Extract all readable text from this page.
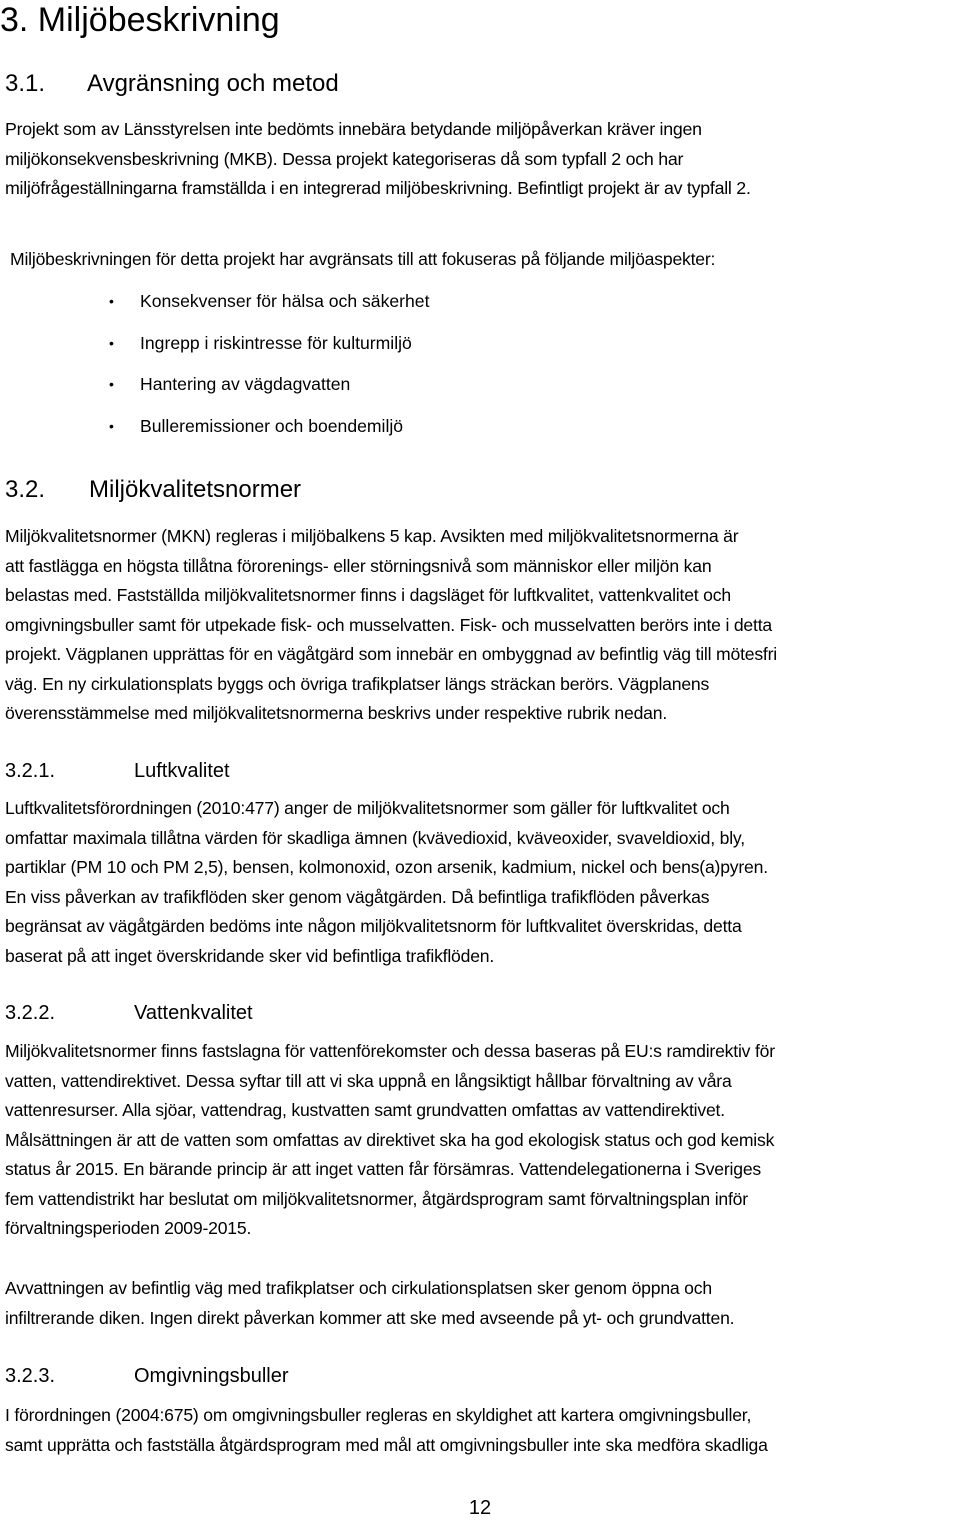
3. Miljöbeskrivning
3.1. Avgränsning och metod

Projekt som av Länsstyrelsen inte bedömts innebära betydande miljöpåverkan kräver ingen

miljökonsekvensbeskrivning (MKB). Dessa projekt kategoriseras då som typfall 2 och har

miljöfrågeställningarna framställda i en integrerad miljöbeskrivning. Befintligt projekt är av typfall 2.

Miljöbeskrivningen för detta projekt har avgränsats till att fokuseras på följande miljöaspekter:

• Konsekvenser för hälsa och säkerhet
• Ingrepp i riskintresse för kulturmiljö
• Hantering av vägdagvatten
• Bulleremissioner och boendemiljö
3.2. Miljökvalitetsnormer

Miljökvalitetsnormer (MKN) regleras i miljöbalkens 5 kap. Avsikten med miljökvalitetsnormerna är

att fastlägga en högsta tillåtna förorenings- eller störningsnivå som människor eller miljön kan

belastas med. Fastställda miljökvalitetsnormer finns i dagsläget för luftkvalitet, vattenkvalitet och

omgivningsbuller samt för utpekade fisk- och musselvatten. Fisk- och musselvatten berörs inte i detta

projekt. Vägplanen upprättas för en vägåtgärd som innebär en ombyggnad av befintlig väg till mötesfri

väg. En ny cirkulationsplats byggs och övriga trafikplatser längs sträckan berörs. Vägplanens

överensstämmelse med miljökvalitetsnormerna beskrivs under respektive rubrik nedan.

3.2.1.	Luftkvalitet

Luftkvalitetsförordningen (2010:477) anger de miljökvalitetsnormer som gäller för luftkvalitet och

omfattar maximala tillåtna värden för skadliga ämnen (kvävedioxid, kväveoxider, svaveldioxid, bly,

partiklar (PM 10 och PM 2,5), bensen, kolmonoxid, ozon arsenik, kadmium, nickel och bens(a)pyren.

En viss påverkan av trafikflöden sker genom vägåtgärden. Då befintliga trafikflöden påverkas

begränsat av vägåtgärden bedöms inte någon miljökvalitetsnorm för luftkvalitet överskridas, detta

baserat på att inget överskridande sker vid befintliga trafikflöden.

3.2.2.	Vattenkvalitet

Miljökvalitetsnormer finns fastslagna för vattenförekomster och dessa baseras på EU:s ramdirektiv för

vatten, vattendirektivet. Dessa syftar till att vi ska uppnå en långsiktigt hållbar förvaltning av våra

vattenresurser. Alla sjöar, vattendrag, kustvatten samt grundvatten omfattas av vattendirektivet.

Målsättningen är att de vatten som omfattas av direktivet ska ha god ekologisk status och god kemisk

status år 2015. En bärande princip är att inget vatten får försämras. Vattendelegationerna i Sveriges

fem vattendistrikt har beslutat om miljökvalitetsnormer, åtgärdsprogram samt förvaltningsplan inför

förvaltningsperioden 2009-2015.

Avvattningen av befintlig väg med trafikplatser och cirkulationsplatsen sker genom öppna och

infiltrerande diken. Ingen direkt påverkan kommer att ske med avseende på yt- och grundvatten.

3.2.3.	Omgivningsbuller

I förordningen (2004:675) om omgivningsbuller regleras en skyldighet att kartera omgivningsbuller,

samt upprätta och fastställa åtgärdsprogram med mål att omgivningsbuller inte ska medföra skadliga

12
